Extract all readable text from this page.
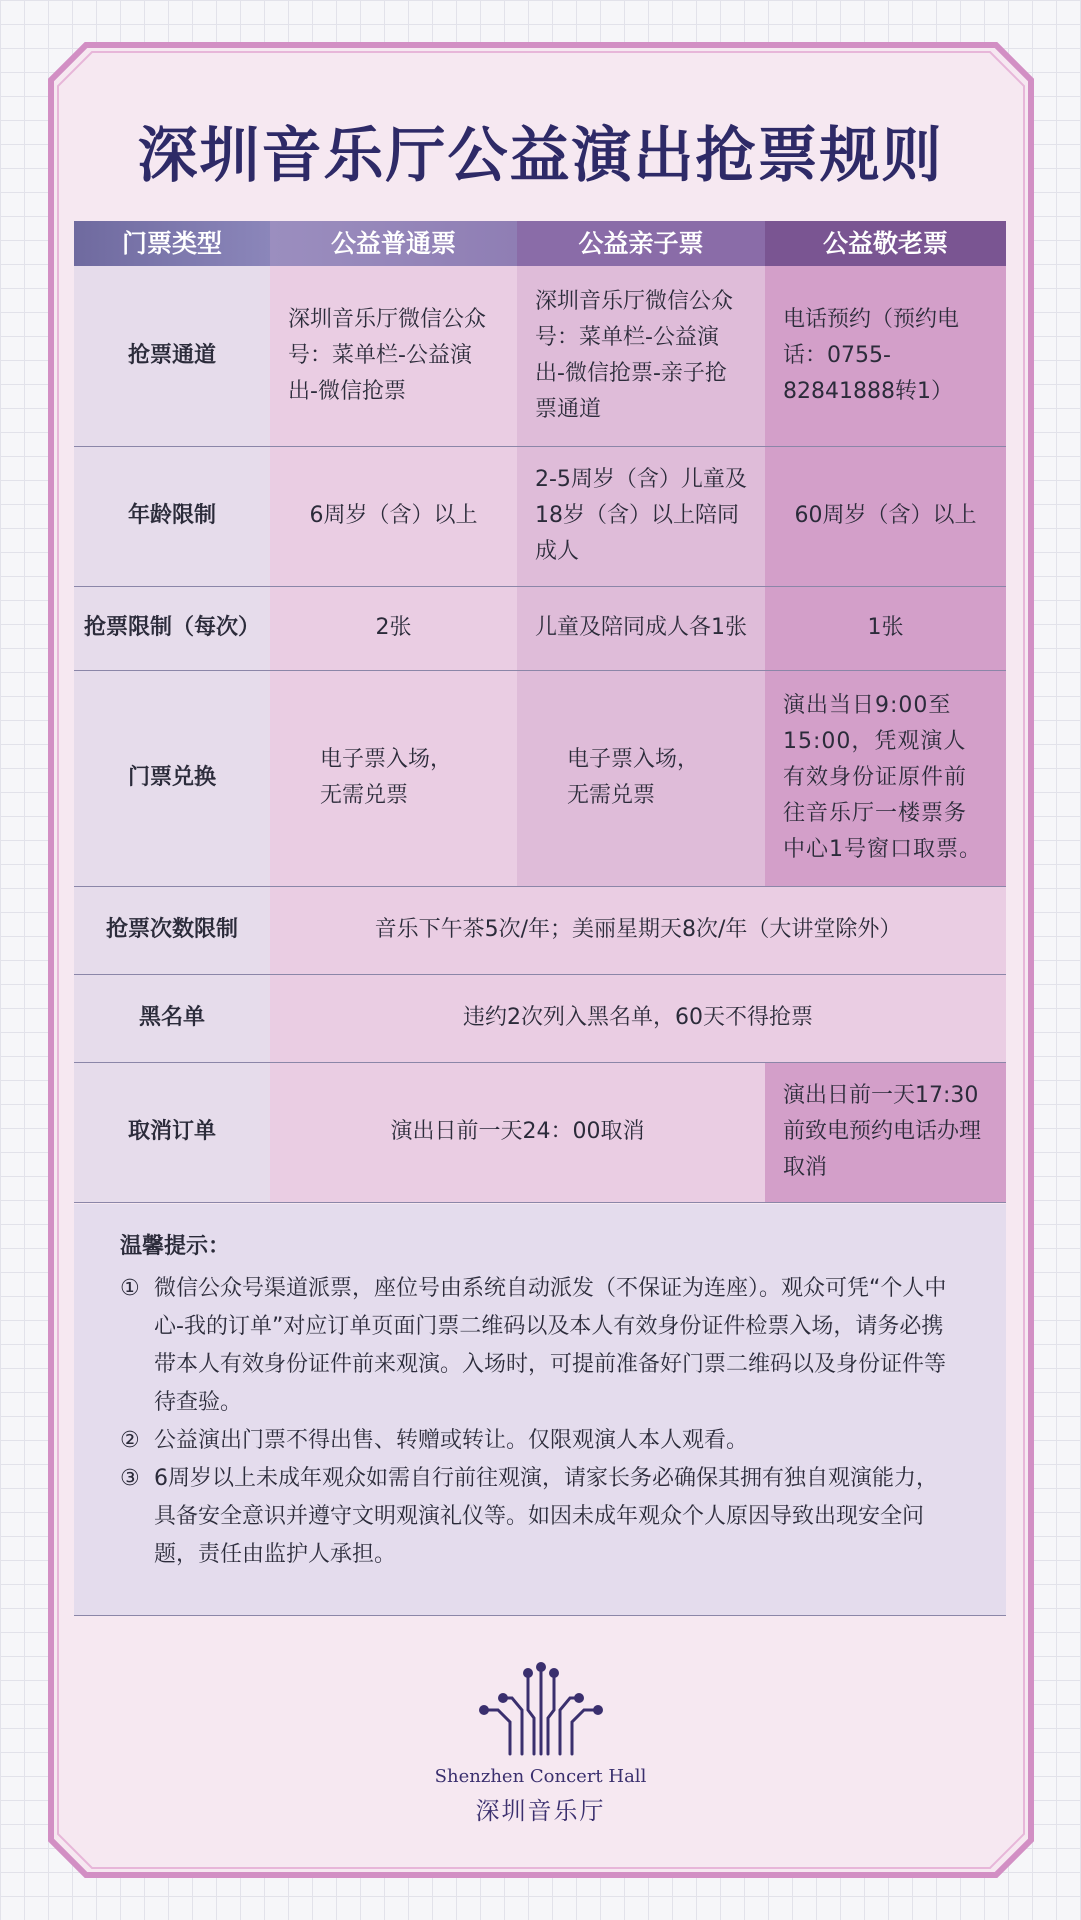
深圳音乐厅公益演出抢票规则
门票类型	公益普通票	公益亲子票	公益敬老票
抢票通道	深圳音乐厅微信公众号：菜单栏-公益演出-微信抢票	深圳音乐厅微信公众号：菜单栏-公益演出-微信抢票-亲子抢票通道	电话预约（预约电话：0755-82841888转1）
年龄限制	6周岁（含）以上	2-5周岁（含）儿童及18岁（含）以上陪同成人	60周岁（含）以上
抢票限制（每次）	2张	儿童及陪同成人各1张	1张
门票兑换	电子票入场，无需兑票	电子票入场，无需兑票	演出当日9:00至15:00，凭观演人有效身份证原件前往音乐厅一楼票务中心1号窗口取票。
抢票次数限制	音乐下午茶5次/年；美丽星期天8次/年（大讲堂除外）		
黑名单	违约2次列入黑名单，60天不得抢票		
取消订单	演出日前一天24：00取消		演出日前一天17:30前致电预约电话办理取消
温馨提示：
① 微信公众号渠道派票，座位号由系统自动派发（不保证为连座）。观众可凭“个人中心-我的订单”对应订单页面门票二维码以及本人有效身份证件检票入场，请务必携带本人有效身份证件前来观演。入场时，可提前准备好门票二维码以及身份证件等待查验。
② 公益演出门票不得出售、转赠或转让。仅限观演人本人观看。
③ 6周岁以上未成年观众如需自行前往观演，请家长务必确保其拥有独自观演能力，具备安全意识并遵守文明观演礼仪等。如因未成年观众个人原因导致出现安全问题，责任由监护人承担。
Shenzhen Concert Hall
深圳音乐厅
